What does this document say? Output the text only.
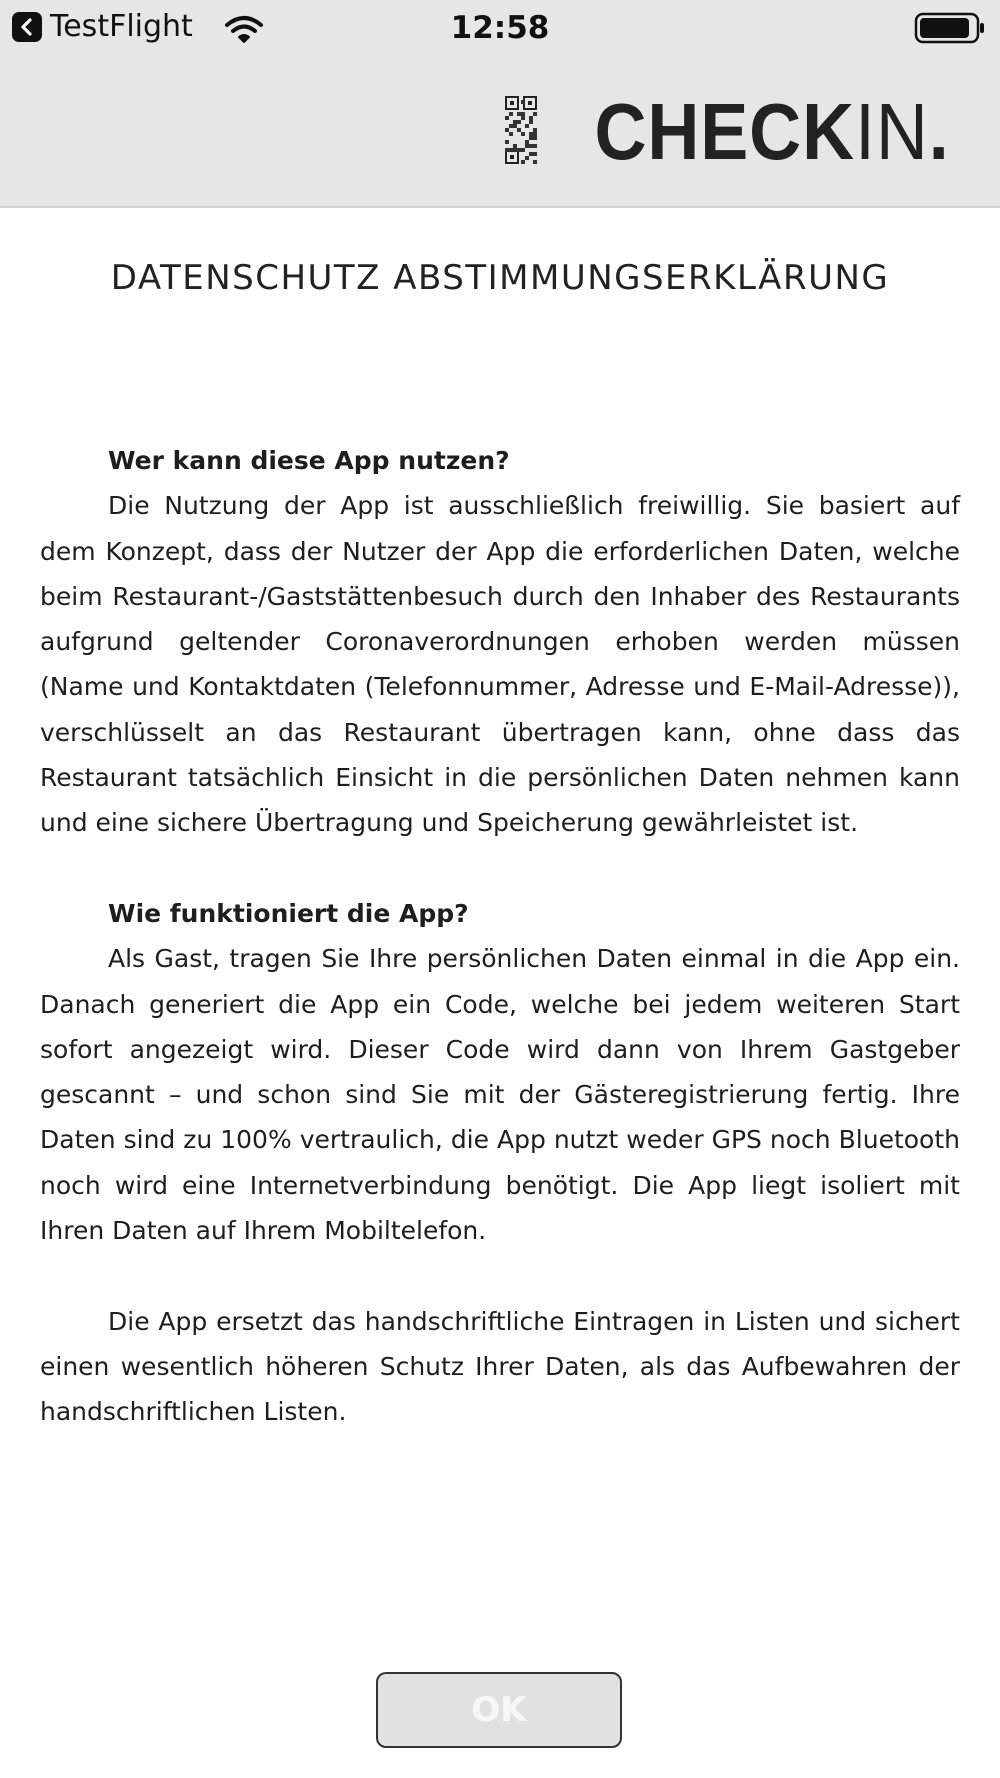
TestFlight	12:58
CHECKIN.
DATENSCHUTZ ABSTIMMUNGSERKLÄRUNG

Wer kann diese App nutzen?

Die Nutzung der App ist ausschließlich freiwillig. Sie basiert auf dem Konzept, dass der Nutzer der App die erforderlichen Daten, welche beim Restaurant-/Gaststättenbesuch durch den Inhaber des Restaurants aufgrund geltender Coronaverordnungen erhoben werden müssen (Name und Kontaktdaten (Telefonnummer, Adresse und E-Mail-Adresse)), verschlüsselt an das Restaurant übertragen kann, ohne dass das Restaurant tatsächlich Einsicht in die persönlichen Daten nehmen kann und eine sichere Übertragung und Speicherung gewährleistet ist.

Wie funktioniert die App?

Als Gast, tragen Sie Ihre persönlichen Daten einmal in die App ein. Danach generiert die App ein Code, welche bei jedem weiteren Start sofort angezeigt wird. Dieser Code wird dann von Ihrem Gastgeber gescannt – und schon sind Sie mit der Gästeregistrierung fertig. Ihre Daten sind zu 100% vertraulich, die App nutzt weder GPS noch Bluetooth noch wird eine Internetverbindung benötigt. Die App liegt isoliert mit Ihren Daten auf Ihrem Mobiltelefon.

Die App ersetzt das handschriftliche Eintragen in Listen und sichert einen wesentlich höheren Schutz Ihrer Daten, als das Aufbewahren der handschriftlichen Listen.

OK
